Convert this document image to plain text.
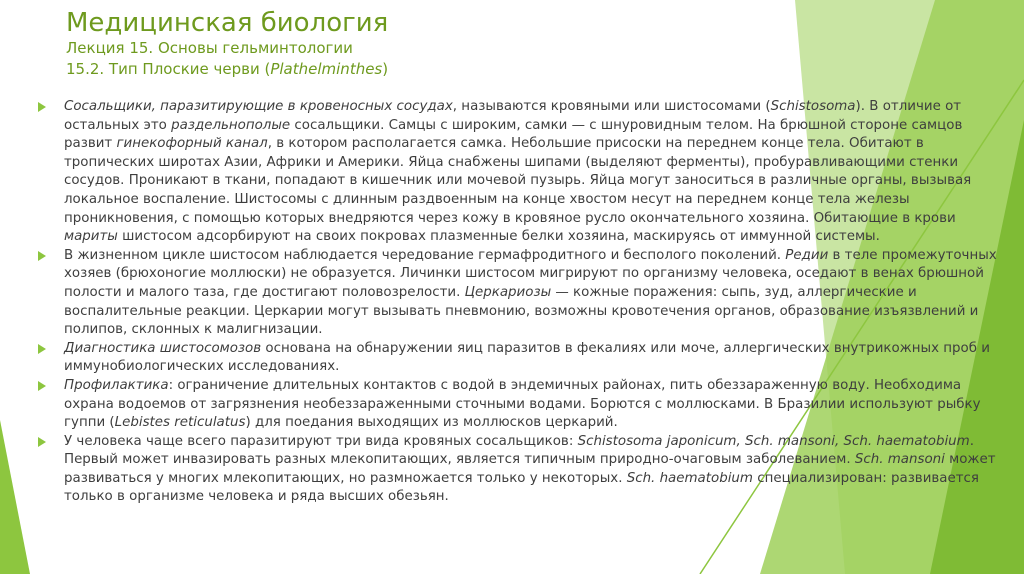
Медицинская биология
Лекция 15. Основы гельминтологии
15.2. Тип Плоские черви (Plathelminthes)
Сосальщики, паразитирующие в кровеносных сосудах, называются кровяными или шистосомами (Schistosoma). В отличие от остальных это раздельнополые сосальщики. Самцы с широким, самки — с шнуровидным телом. На брюшной стороне самцов развит гинекофорный канал, в котором располагается самка. Небольшие присоски на переднем конце тела. Обитают в тропических широтах Азии, Африки и Америки. Яйца снабжены шипами (выделяют ферменты), пробуравливающими стенки сосудов. Проникают в ткани, попадают в кишечник или мочевой пузырь. Яйца могут заноситься в различные органы, вызывая локальное воспаление. Шистосомы с длинным раздвоенным на конце хвостом несут на переднем конце тела железы проникновения, с помощью которых внедряются через кожу в кровяное русло окончательного хозяина. Обитающие в крови мариты шистосом адсорбируют на своих покровах плазменные белки хозяина, маскируясь от иммунной системы.
В жизненном цикле шистосом наблюдается чередование гермафродитного и бесполого поколений. Редии в теле промежуточных хозяев (брюхоногие моллюски) не образуется. Личинки шистосом мигрируют по организму человека, оседают в венах брюшной полости и малого таза, где достигают половозрелости. Церкариозы — кожные поражения: сыпь, зуд, аллергические и воспалительные реакции. Церкарии могут вызывать пневмонию, возможны кровотечения органов, образование изъязвлений и полипов, склонных к малигнизации.
Диагностика шистосомозов основана на обнаружении яиц паразитов в фекалиях или моче, аллергических внутрикожных проб и иммунобиологических исследованиях.
Профилактика: ограничение длительных контактов с водой в эндемичных районах, пить обеззараженную воду. Необходима охрана водоемов от загрязнения необеззараженными сточными водами. Борются с моллюсками. В Бразилии используют рыбку гуппи (Lebistes reticulatus) для поедания выходящих из моллюсков церкарий.
У человека чаще всего паразитируют три вида кровяных сосальщиков: Schistosoma japonicum, Sch. mansoni, Sch. haematobium. Первый может инвазировать разных млекопитающих, является типичным природно-очаговым заболеванием. Sch. mansoni может развиваться у многих млекопитающих, но размножается только у некоторых. Sch. haematobium специализирован: развивается только в организме человека и ряда высших обезьян.
